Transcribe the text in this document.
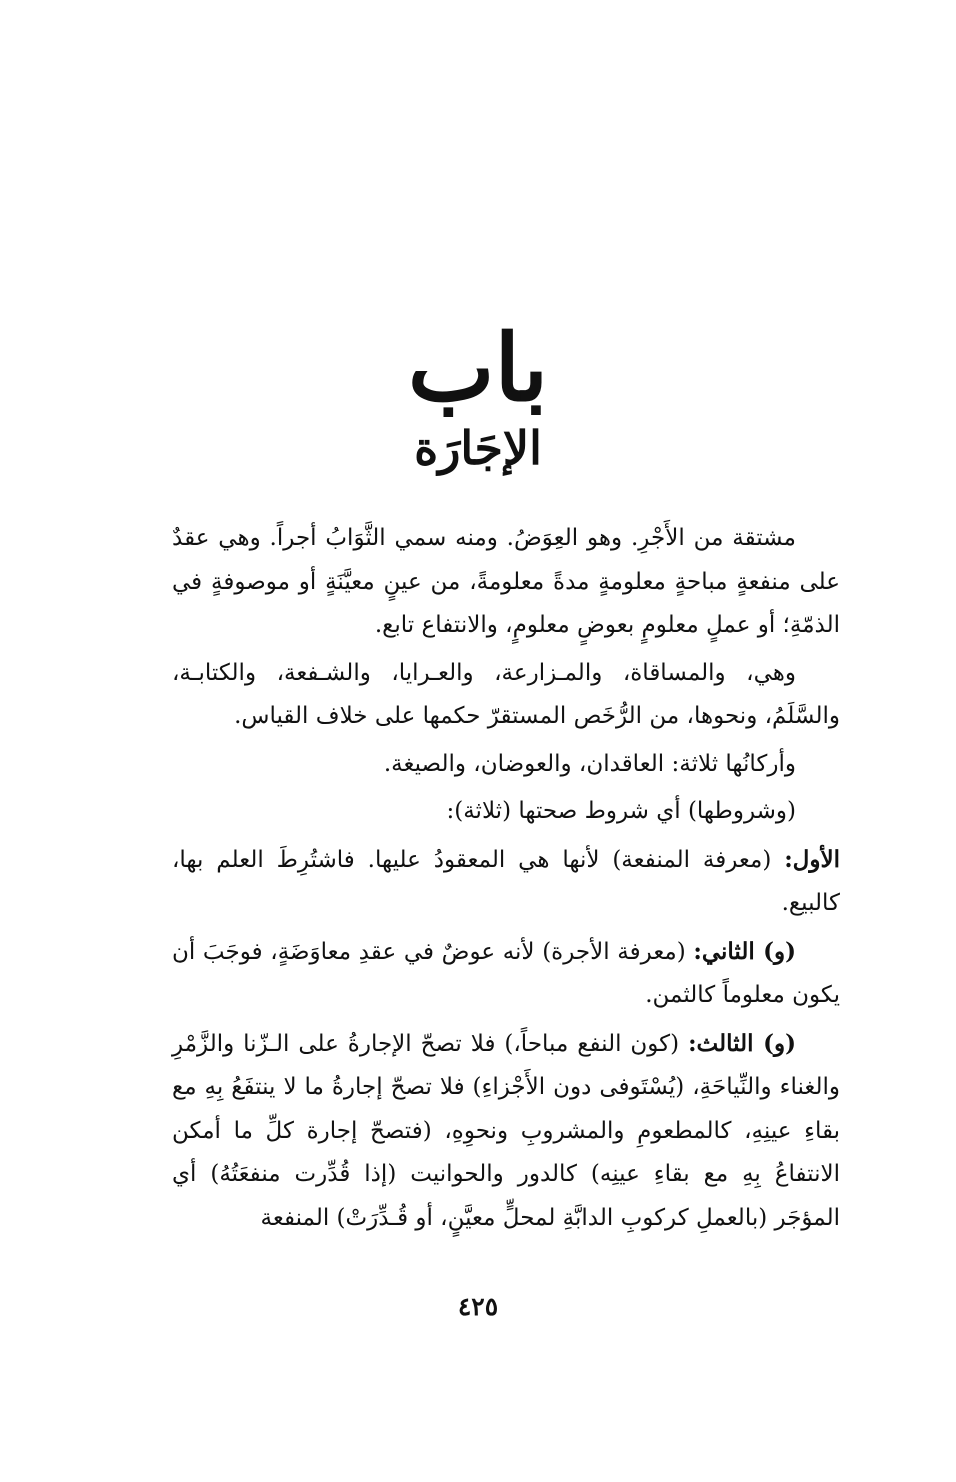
باب
الإجَارَة

مشتقة من الأَجْرِ. وهو العِوَضُ. ومنه سمي الثَّوَابُ أجراً. وهي عقدٌ على منفعةٍ مباحةٍ معلومةٍ مدةً معلومةً، من عينٍ معيَّنَةٍ أو موصوفةٍ في الذمّةِ؛ أو عملٍ معلومٍ بعوضٍ معلومٍ، والانتفاع تابع.

وهي، والمساقاة، والمـزارعة، والعـرايا، والشـفعة، والكتابـة، والسَّلَمُ، ونحوها، من الرُّخَص المستقرّ حكمها على خلاف القياس.

وأركانُها ثلاثة: العاقدان، والعوضان، والصيغة.

(وشروطها) أي شروط صحتها (ثلاثة):

الأول: (معرفة المنفعة) لأنها هي المعقودُ عليها. فاشتُرِطَ العلم بها، كالبيع.

(و) الثاني: (معرفة الأجرة) لأنه عوضٌ في عقدِ معاوَضَةٍ، فوجَبَ أن يكون معلوماً كالثمن.

(و) الثالث: (كون النفع مباحاً،) فلا تصحّ الإجارةُ على الـزّنا والزَّمْرِ والغناء والنِّياحَةِ، (يُسْتَوفى دون الأَجْزاءِ) فلا تصحّ إجارةُ ما لا ينتفَعُ بِهِ مع بقاءِ عينِهِ، كالمطعومِ والمشروبِ ونحوِهِ، (فتصحّ إجارة كلِّ ما أمكن الانتفاعُ بِهِ مع بقاءِ عينِه) كالدور والحوانيت (إذا قُدِّرت منفعَتُهُ) أي المؤجَر (بالعملِ كركوبِ الدابَّةِ لمحلٍّ معيَّنٍ، أو قُـدِّرَتْ) المنفعة

٤٢٥
